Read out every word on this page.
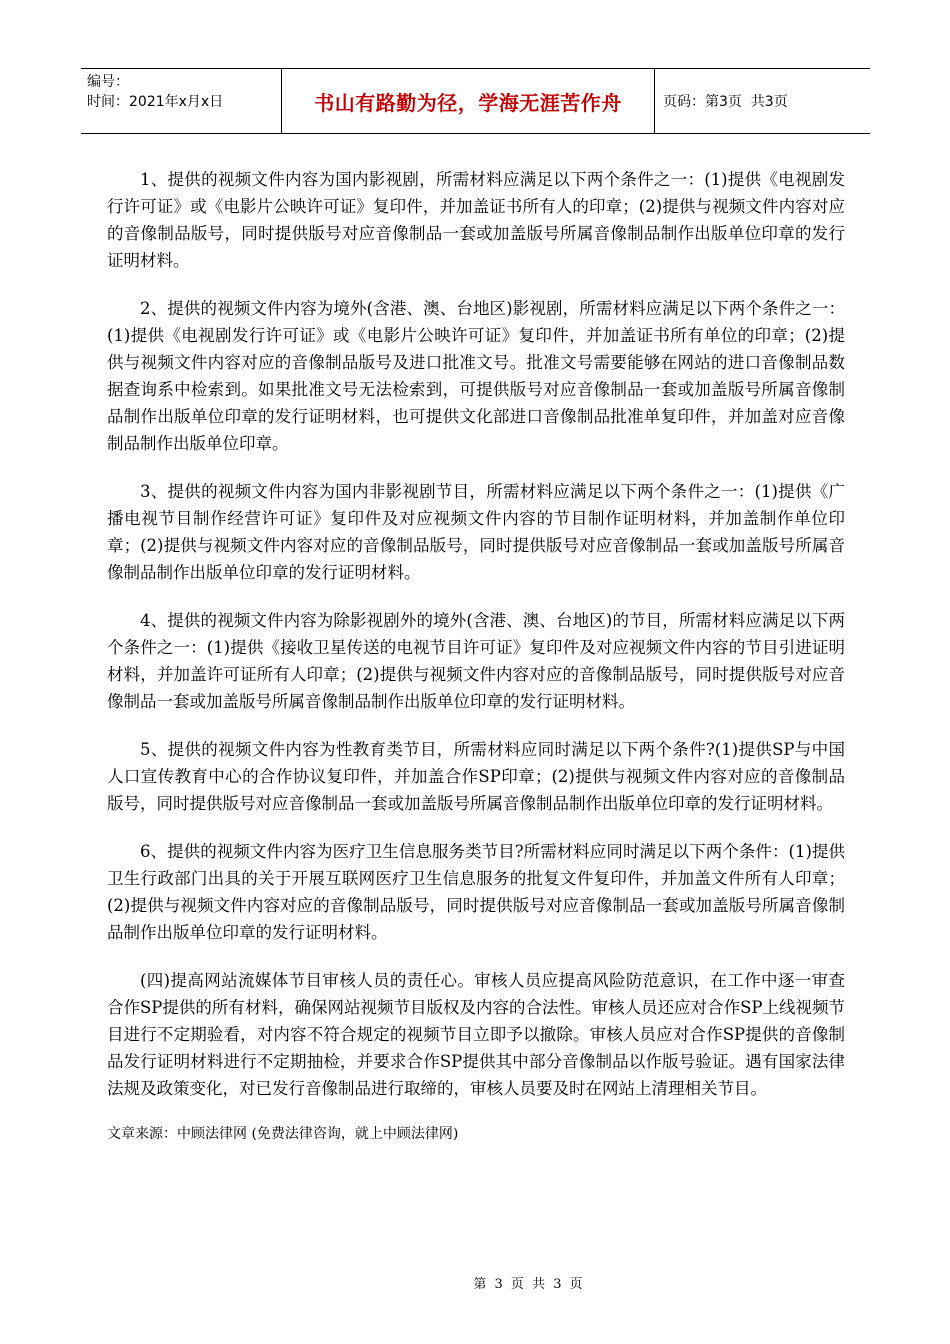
编号：
时间：2021年x月x日	书山有路勤为径，学海无涯苦作舟	页码：第3页  共3页

1、提供的视频文件内容为国内影视剧，所需材料应满足以下两个条件之一：(1)提供《电视剧发行许可证》或《电影片公映许可证》复印件，并加盖证书所有人的印章；(2)提供与视频文件内容对应的音像制品版号，同时提供版号对应音像制品一套或加盖版号所属音像制品制作出版单位印章的发行证明材料。

2、提供的视频文件内容为境外(含港、澳、台地区)影视剧，所需材料应满足以下两个条件之一：(1)提供《电视剧发行许可证》或《电影片公映许可证》复印件，并加盖证书所有单位的印章；(2)提供与视频文件内容对应的音像制品版号及进口批准文号。批准文号需要能够在网站的进口音像制品数据查询系中检索到。如果批准文号无法检索到，可提供版号对应音像制品一套或加盖版号所属音像制品制作出版单位印章的发行证明材料，也可提供文化部进口音像制品批准单复印件，并加盖对应音像制品制作出版单位印章。

3、提供的视频文件内容为国内非影视剧节目，所需材料应满足以下两个条件之一：(1)提供《广播电视节目制作经营许可证》复印件及对应视频文件内容的节目制作证明材料，并加盖制作单位印章；(2)提供与视频文件内容对应的音像制品版号，同时提供版号对应音像制品一套或加盖版号所属音像制品制作出版单位印章的发行证明材料。

4、提供的视频文件内容为除影视剧外的境外(含港、澳、台地区)的节目，所需材料应满足以下两个条件之一：(1)提供《接收卫星传送的电视节目许可证》复印件及对应视频文件内容的节目引进证明材料，并加盖许可证所有人印章；(2)提供与视频文件内容对应的音像制品版号，同时提供版号对应音像制品一套或加盖版号所属音像制品制作出版单位印章的发行证明材料。

5、提供的视频文件内容为性教育类节目，所需材料应同时满足以下两个条件?(1)提供SP与中国人口宣传教育中心的合作协议复印件，并加盖合作SP印章；(2)提供与视频文件内容对应的音像制品版号，同时提供版号对应音像制品一套或加盖版号所属音像制品制作出版单位印章的发行证明材料。

6、提供的视频文件内容为医疗卫生信息服务类节目?所需材料应同时满足以下两个条件：(1)提供卫生行政部门出具的关于开展互联网医疗卫生信息服务的批复文件复印件，并加盖文件所有人印章；(2)提供与视频文件内容对应的音像制品版号，同时提供版号对应音像制品一套或加盖版号所属音像制品制作出版单位印章的发行证明材料。

(四)提高网站流媒体节目审核人员的责任心。审核人员应提高风险防范意识，在工作中逐一审查合作SP提供的所有材料，确保网站视频节目版权及内容的合法性。审核人员还应对合作SP上线视频节目进行不定期验看，对内容不符合规定的视频节目立即予以撤除。审核人员应对合作SP提供的音像制品发行证明材料进行不定期抽检，并要求合作SP提供其中部分音像制品以作版号验证。遇有国家法律法规及政策变化，对已发行音像制品进行取缔的，审核人员要及时在网站上清理相关节目。

文章来源：中顾法律网 (免费法律咨询，就上中顾法律网)

第 3 页 共 3 页
